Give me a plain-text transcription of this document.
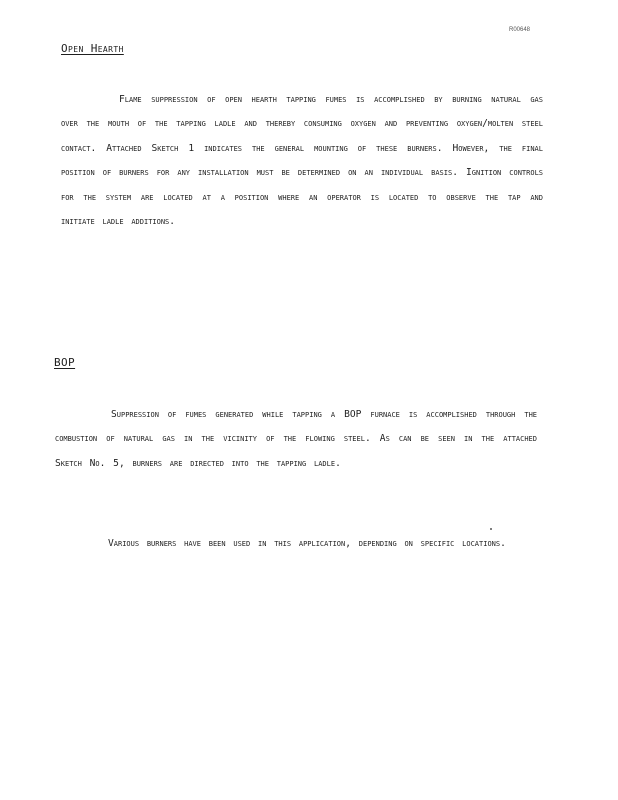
R00648
Open Hearth

Flame suppression of open hearth tapping fumes is accomplished by burning natural gas over the mouth of the tapping ladle and thereby consuming oxygen and preventing oxygen/molten steel contact. Attached Sketch 1 indicates the general mounting of these burners. However, the final position of burners for any installation must be determined on an individual basis. Ignition controls for the system are located at a position where an operator is located to observe the tap and initiate ladle additions.

BOP

Suppression of fumes generated while tapping a BOP furnace is accomplished through the combustion of natural gas in the vicinity of the flowing steel. As can be seen in the attached Sketch No. 5, burners are directed into the tapping ladle.

Various burners have been used in this application, depending on specific locations.
